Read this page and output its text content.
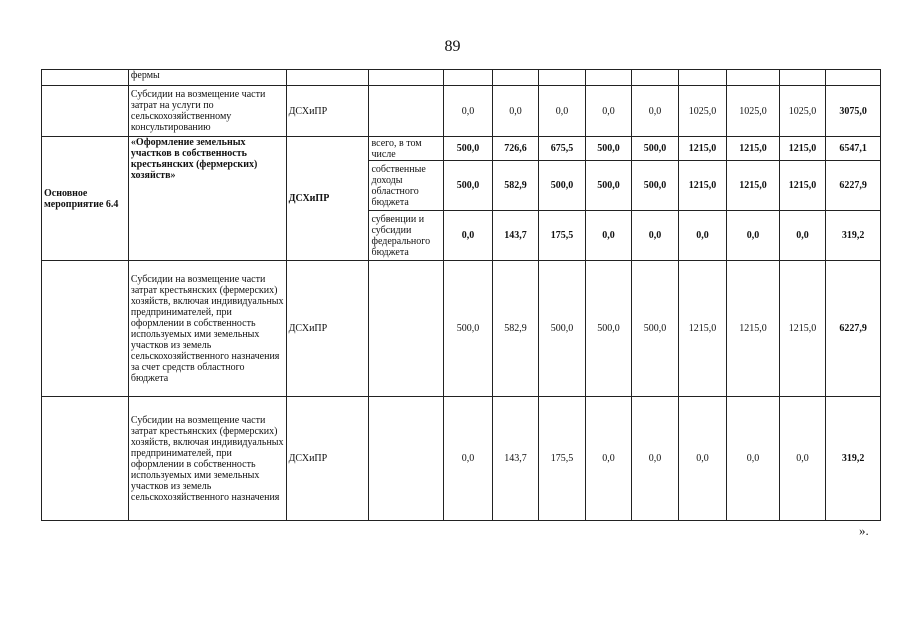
89
	фермы											
	Субсидии на возмещение части затрат на услуги по сельскохозяйственному консультированию	ДСХиПР		0,0	0,0	0,0	0,0	0,0	1025,0	1025,0	1025,0	3075,0
Основное мероприятие 6.4	«Оформление земельных участков в собственность крестьянских (фермерских) хозяйств»	ДСХиПР	всего, в том числе	500,0	726,6	675,5	500,0	500,0	1215,0	1215,0	1215,0	6547,1
			собственные доходы областного бюджета	500,0	582,9	500,0	500,0	500,0	1215,0	1215,0	1215,0	6227,9
			субвенции и субсидии федерального бюджета	0,0	143,7	175,5	0,0	0,0	0,0	0,0	0,0	319,2
	Субсидии на возмещение части затрат крестьянских (фермерских) хозяйств, включая индивидуальных предпринимателей, при оформлении в собственность используемых ими земельных участков из земель сельскохозяйственного назначения за счет средств областного бюджета	ДСХиПР		500,0	582,9	500,0	500,0	500,0	1215,0	1215,0	1215,0	6227,9
	Субсидии на возмещение части затрат крестьянских (фермерских) хозяйств, включая индивидуальных предпринимателей, при оформлении в собственность используемых ими земельных участков из земель сельскохозяйственного назначения	ДСХиПР		0,0	143,7	175,5	0,0	0,0	0,0	0,0	0,0	319,2
».
